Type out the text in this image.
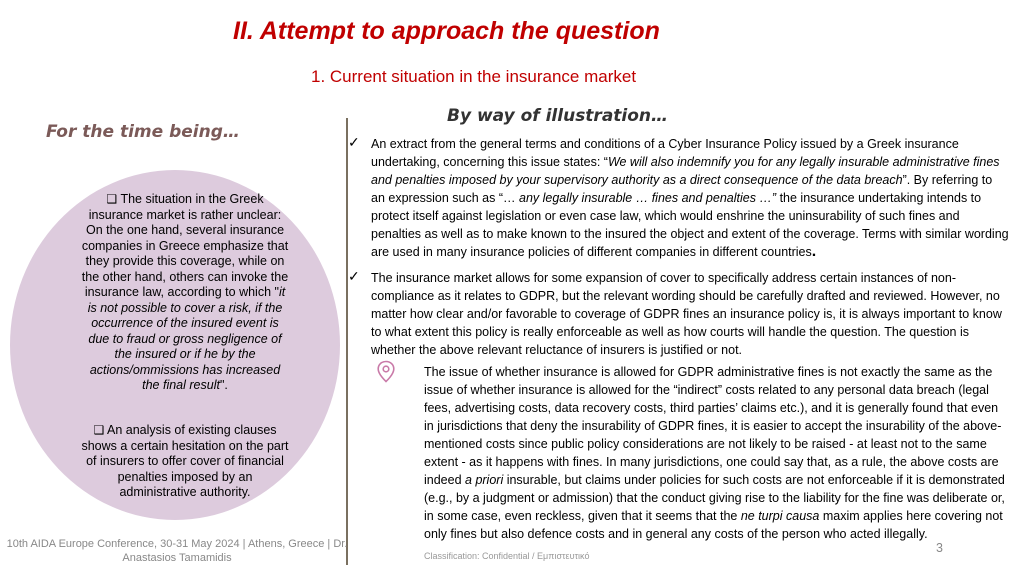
II. Attempt to approach the question
1. Current situation in the insurance market
By way of illustration…
For the time being…
❑ The situation in the Greek insurance market is rather unclear: On the one hand, several insurance companies in Greece emphasize that they provide this coverage, while on the other hand, others can invoke the insurance law, according to which "it is not possible to cover a risk, if the occurrence of the insured event is due to fraud or gross negligence of the insured or if he by the actions/ommissions has increased the final result".
❑ An analysis of existing clauses shows a certain hesitation on the part of insurers to offer cover of financial penalties imposed by an administrative authority.
✓ An extract from the general terms and conditions of a Cyber Insurance Policy issued by a Greek insurance undertaking, concerning this issue states: “We will also indemnify you for any legally insurable administrative fines and penalties imposed by your supervisory authority as a direct consequence of the data breach”. By referring to an expression such as “… any legally insurable … fines and penalties …” the insurance undertaking intends to protect itself against legislation or even case law, which would enshrine the uninsurability of such fines and penalties as well as to make known to the insured the object and extent of the coverage. Terms with similar wording are used in many insurance policies of different companies in different countries.
✓ The insurance market allows for some expansion of cover to specifically address certain instances of non-compliance as it relates to GDPR, but the relevant wording should be carefully drafted and reviewed. However, no matter how clear and/or favorable to coverage of GDPR fines an insurance policy is, it is always important to know to what extent this policy is really enforceable as well as how courts will handle the question. The question is whether the above relevant reluctance of insurers is justified or not.
The issue of whether insurance is allowed for GDPR administrative fines is not exactly the same as the issue of whether insurance is allowed for the “indirect” costs related to any personal data breach (legal fees, advertising costs, data recovery costs, third parties’ claims etc.), and it is generally found that even in jurisdictions that deny the insurability of GDPR fines, it is easier to accept the insurability of the above-mentioned costs since public policy considerations are not likely to be raised - at least not to the same extent - as it happens with fines. In many jurisdictions, one could say that, as a rule, the above costs are indeed a priori insurable, but claims under policies for such costs are not enforceable if it is demonstrated (e.g., by a judgment or admission) that the conduct giving rise to the liability for the fine was deliberate or, in some case, even reckless, given that it seems that the ne turpi causa maxim applies here covering not only fines but also defence costs and in general any costs of the person who acted illegally.
10th AIDA Europe Conference, 30-31 May 2024 | Athens, Greece | Dr. Anastasios Tamamidis	Classification: Confidential / Εμπιστευτικό
3
